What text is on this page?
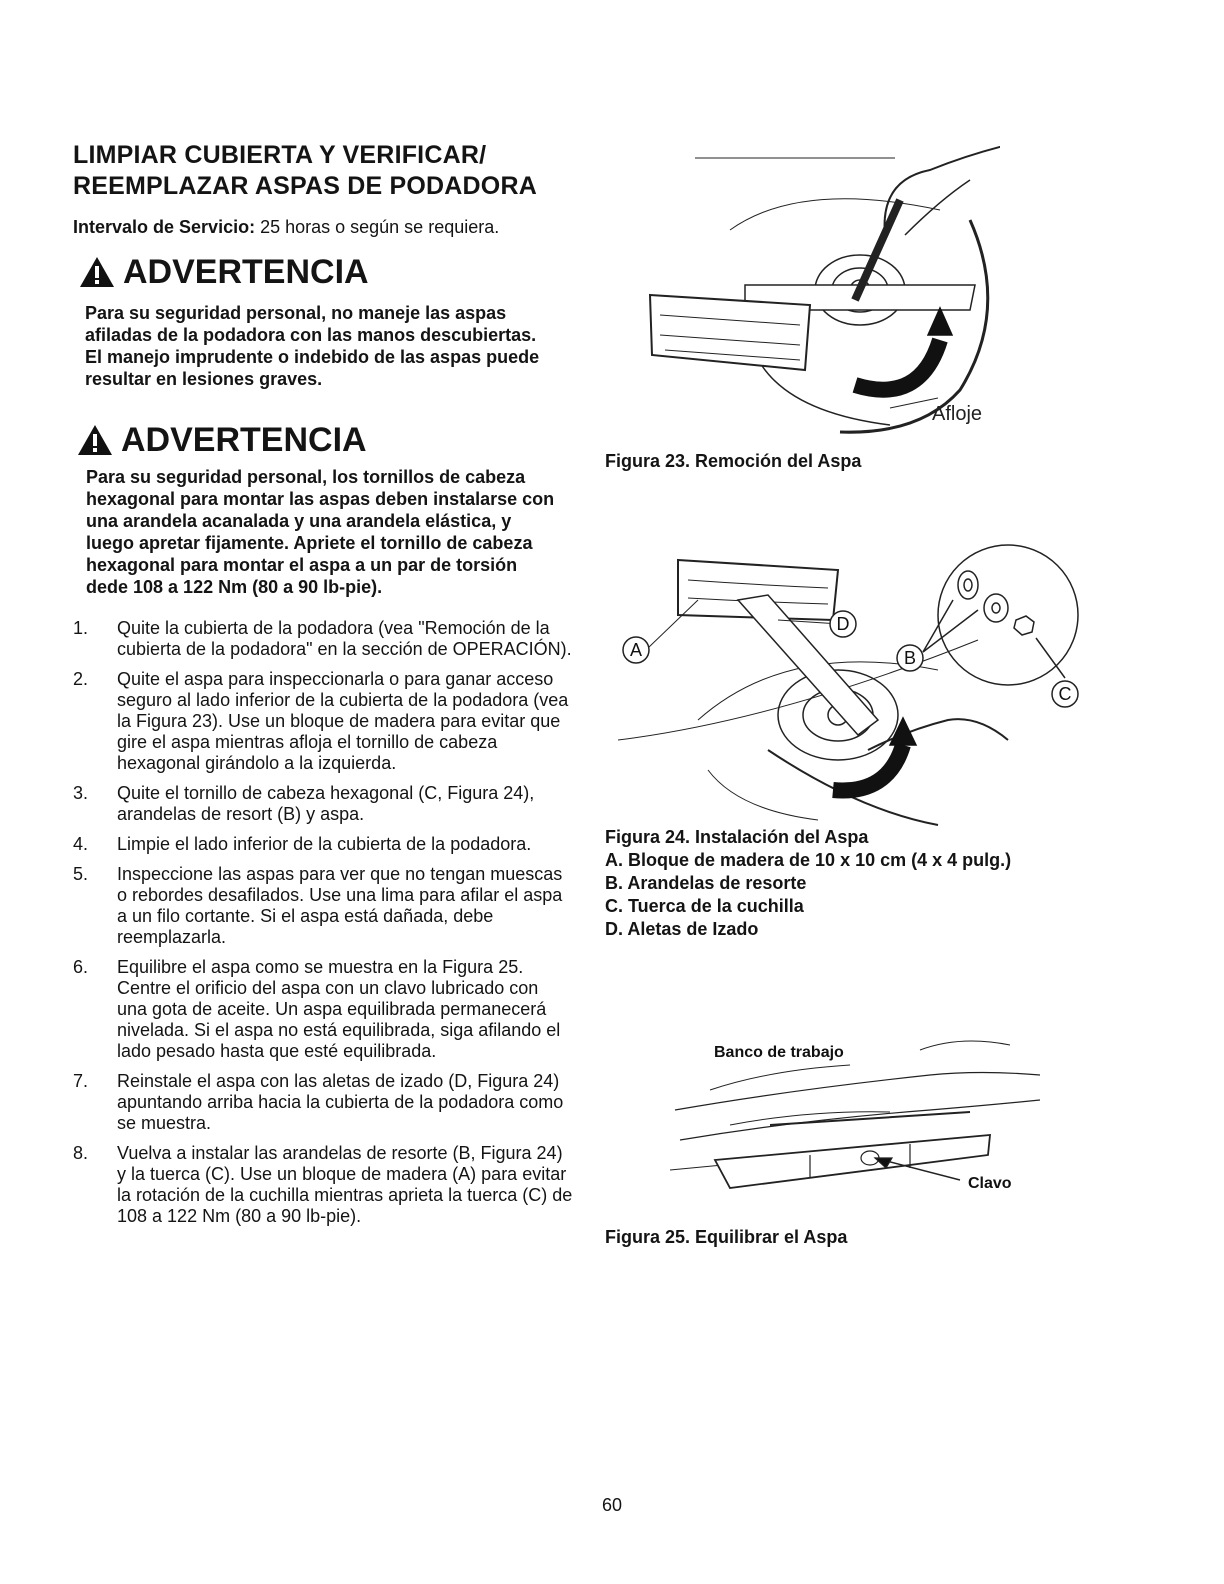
LIMPIAR CUBIERTA Y VERIFICAR/
REEMPLAZAR ASPAS DE PODADORA

Intervalo de Servicio: 25 horas o según se requiera.

ADVERTENCIA

Para su seguridad personal, no maneje las aspas afiladas de la podadora con las manos descubiertas. El manejo imprudente o indebido de las aspas puede resultar en lesiones graves.

ADVERTENCIA

Para su seguridad personal, los tornillos de cabeza hexagonal para montar las aspas deben instalarse con una arandela acanalada y una arandela elástica, y luego apretar fijamente. Apriete el tornillo de cabeza hexagonal para montar el aspa a un par de torsión dede 108 a 122 Nm (80 a 90 lb-pie).

1.	Quite la cubierta de la podadora (vea "Remoción de la cubierta de la podadora" en la sección de OPERACIÓN).
2.	Quite el aspa para inspeccionarla o para ganar acceso seguro al lado inferior de la cubierta de la podadora (vea la Figura 23). Use un bloque de madera para evitar que gire el aspa mientras afloja el tornillo de cabeza hexagonal girándolo a la izquierda.
3.	Quite el tornillo de cabeza hexagonal (C, Figura 24), arandelas de resort (B) y aspa.
4.	Limpie el lado inferior de la cubierta de la podadora.
5.	Inspeccione las aspas para ver que no tengan muescas o rebordes desafilados. Use una lima para afilar el aspa a un filo cortante. Si el aspa está dañada, debe reemplazarla.
6.	Equilibre el aspa como se muestra en la Figura 25. Centre el orificio del aspa con un clavo lubricado con una gota de aceite. Un aspa equilibrada permanecerá nivelada. Si el aspa no está equilibrada, siga afilando el lado pesado hasta que esté equilibrada.
7.	Reinstale el aspa con las aletas de izado (D, Figura 24) apuntando arriba hacia la cubierta de la podadora como se muestra.
8.	Vuelva a instalar las arandelas de resorte (B, Figura 24) y la tuerca (C). Use un bloque de madera (A) para evitar la rotación de la cuchilla mientras aprieta la tuerca (C) de 108 a 122 Nm (80 a 90 lb-pie).
Afloje
Figura 23. Remoción del Aspa
A
D
B
C
Figura 24. Instalación del Aspa
A. Bloque de madera de 10 x 10 cm (4 x 4 pulg.)
B. Arandelas de resorte
C. Tuerca de la cuchilla
D. Aletas de Izado
Banco de trabajo
Clavo
Figura 25. Equilibrar el Aspa
60
